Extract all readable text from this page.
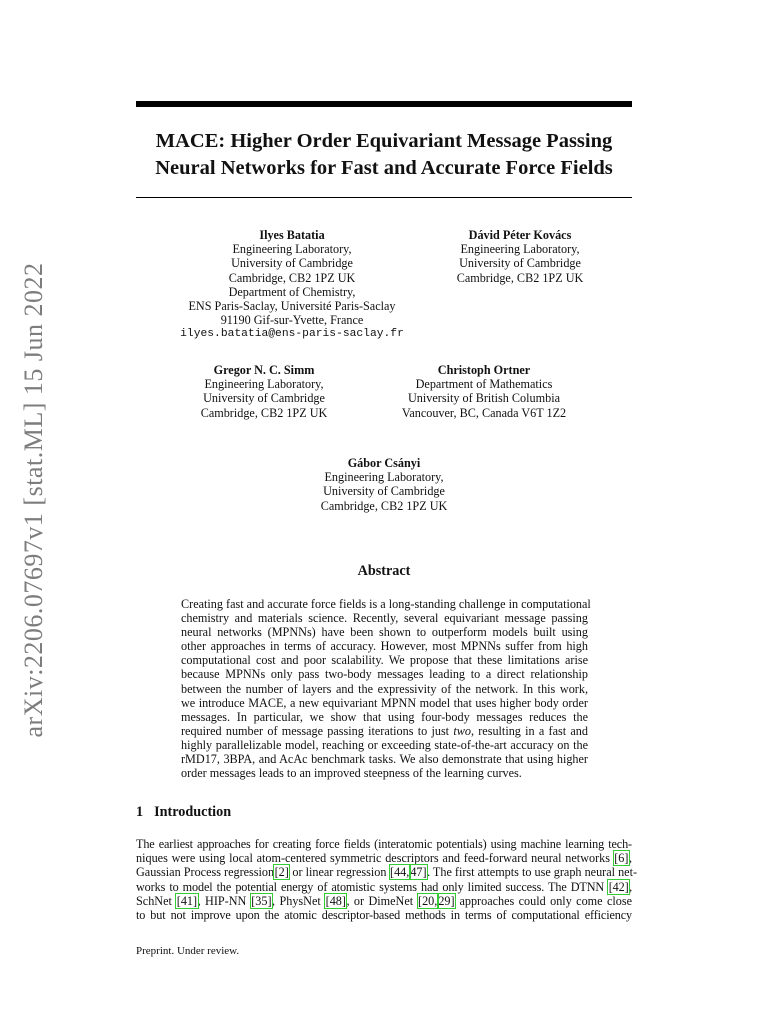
arXiv:2206.07697v1 [stat.ML] 15 Jun 2022
MACE: Higher Order Equivariant Message Passing
Neural Networks for Fast and Accurate Force Fields
Ilyes Batatia
Engineering Laboratory,
University of Cambridge
Cambridge, CB2 1PZ UK
Department of Chemistry,
ENS Paris-Saclay, Université Paris-Saclay
91190 Gif-sur-Yvette, France
ilyes.batatia@ens-paris-saclay.fr
Dávid Péter Kovács
Engineering Laboratory,
University of Cambridge
Cambridge, CB2 1PZ UK
Gregor N. C. Simm
Engineering Laboratory,
University of Cambridge
Cambridge, CB2 1PZ UK
Christoph Ortner
Department of Mathematics
University of British Columbia
Vancouver, BC, Canada V6T 1Z2
Gábor Csányi
Engineering Laboratory,
University of Cambridge
Cambridge, CB2 1PZ UK
Abstract
Creating fast and accurate force fields is a long-standing challenge in computational
chemistry and materials science. Recently, several equivariant message passing
neural networks (MPNNs) have been shown to outperform models built using
other approaches in terms of accuracy. However, most MPNNs suffer from high
computational cost and poor scalability. We propose that these limitations arise
because MPNNs only pass two-body messages leading to a direct relationship
between the number of layers and the expressivity of the network. In this work,
we introduce MACE, a new equivariant MPNN model that uses higher body order
messages. In particular, we show that using four-body messages reduces the
required number of message passing iterations to just two, resulting in a fast and
highly parallelizable model, reaching or exceeding state-of-the-art accuracy on the
rMD17, 3BPA, and AcAc benchmark tasks. We also demonstrate that using higher
order messages leads to an improved steepness of the learning curves.
1 Introduction
The earliest approaches for creating force fields (interatomic potentials) using machine learning tech-
niques were using local atom-centered symmetric descriptors and feed-forward neural networks [6],
Gaussian Process regression[2] or linear regression [44,47]. The first attempts to use graph neural net-
works to model the potential energy of atomistic systems had only limited success. The DTNN [42],
SchNet [41], HIP-NN [35], PhysNet [48], or DimeNet [20,29] approaches could only come close
to but not improve upon the atomic descriptor-based methods in terms of computational efficiency

Preprint. Under review.
